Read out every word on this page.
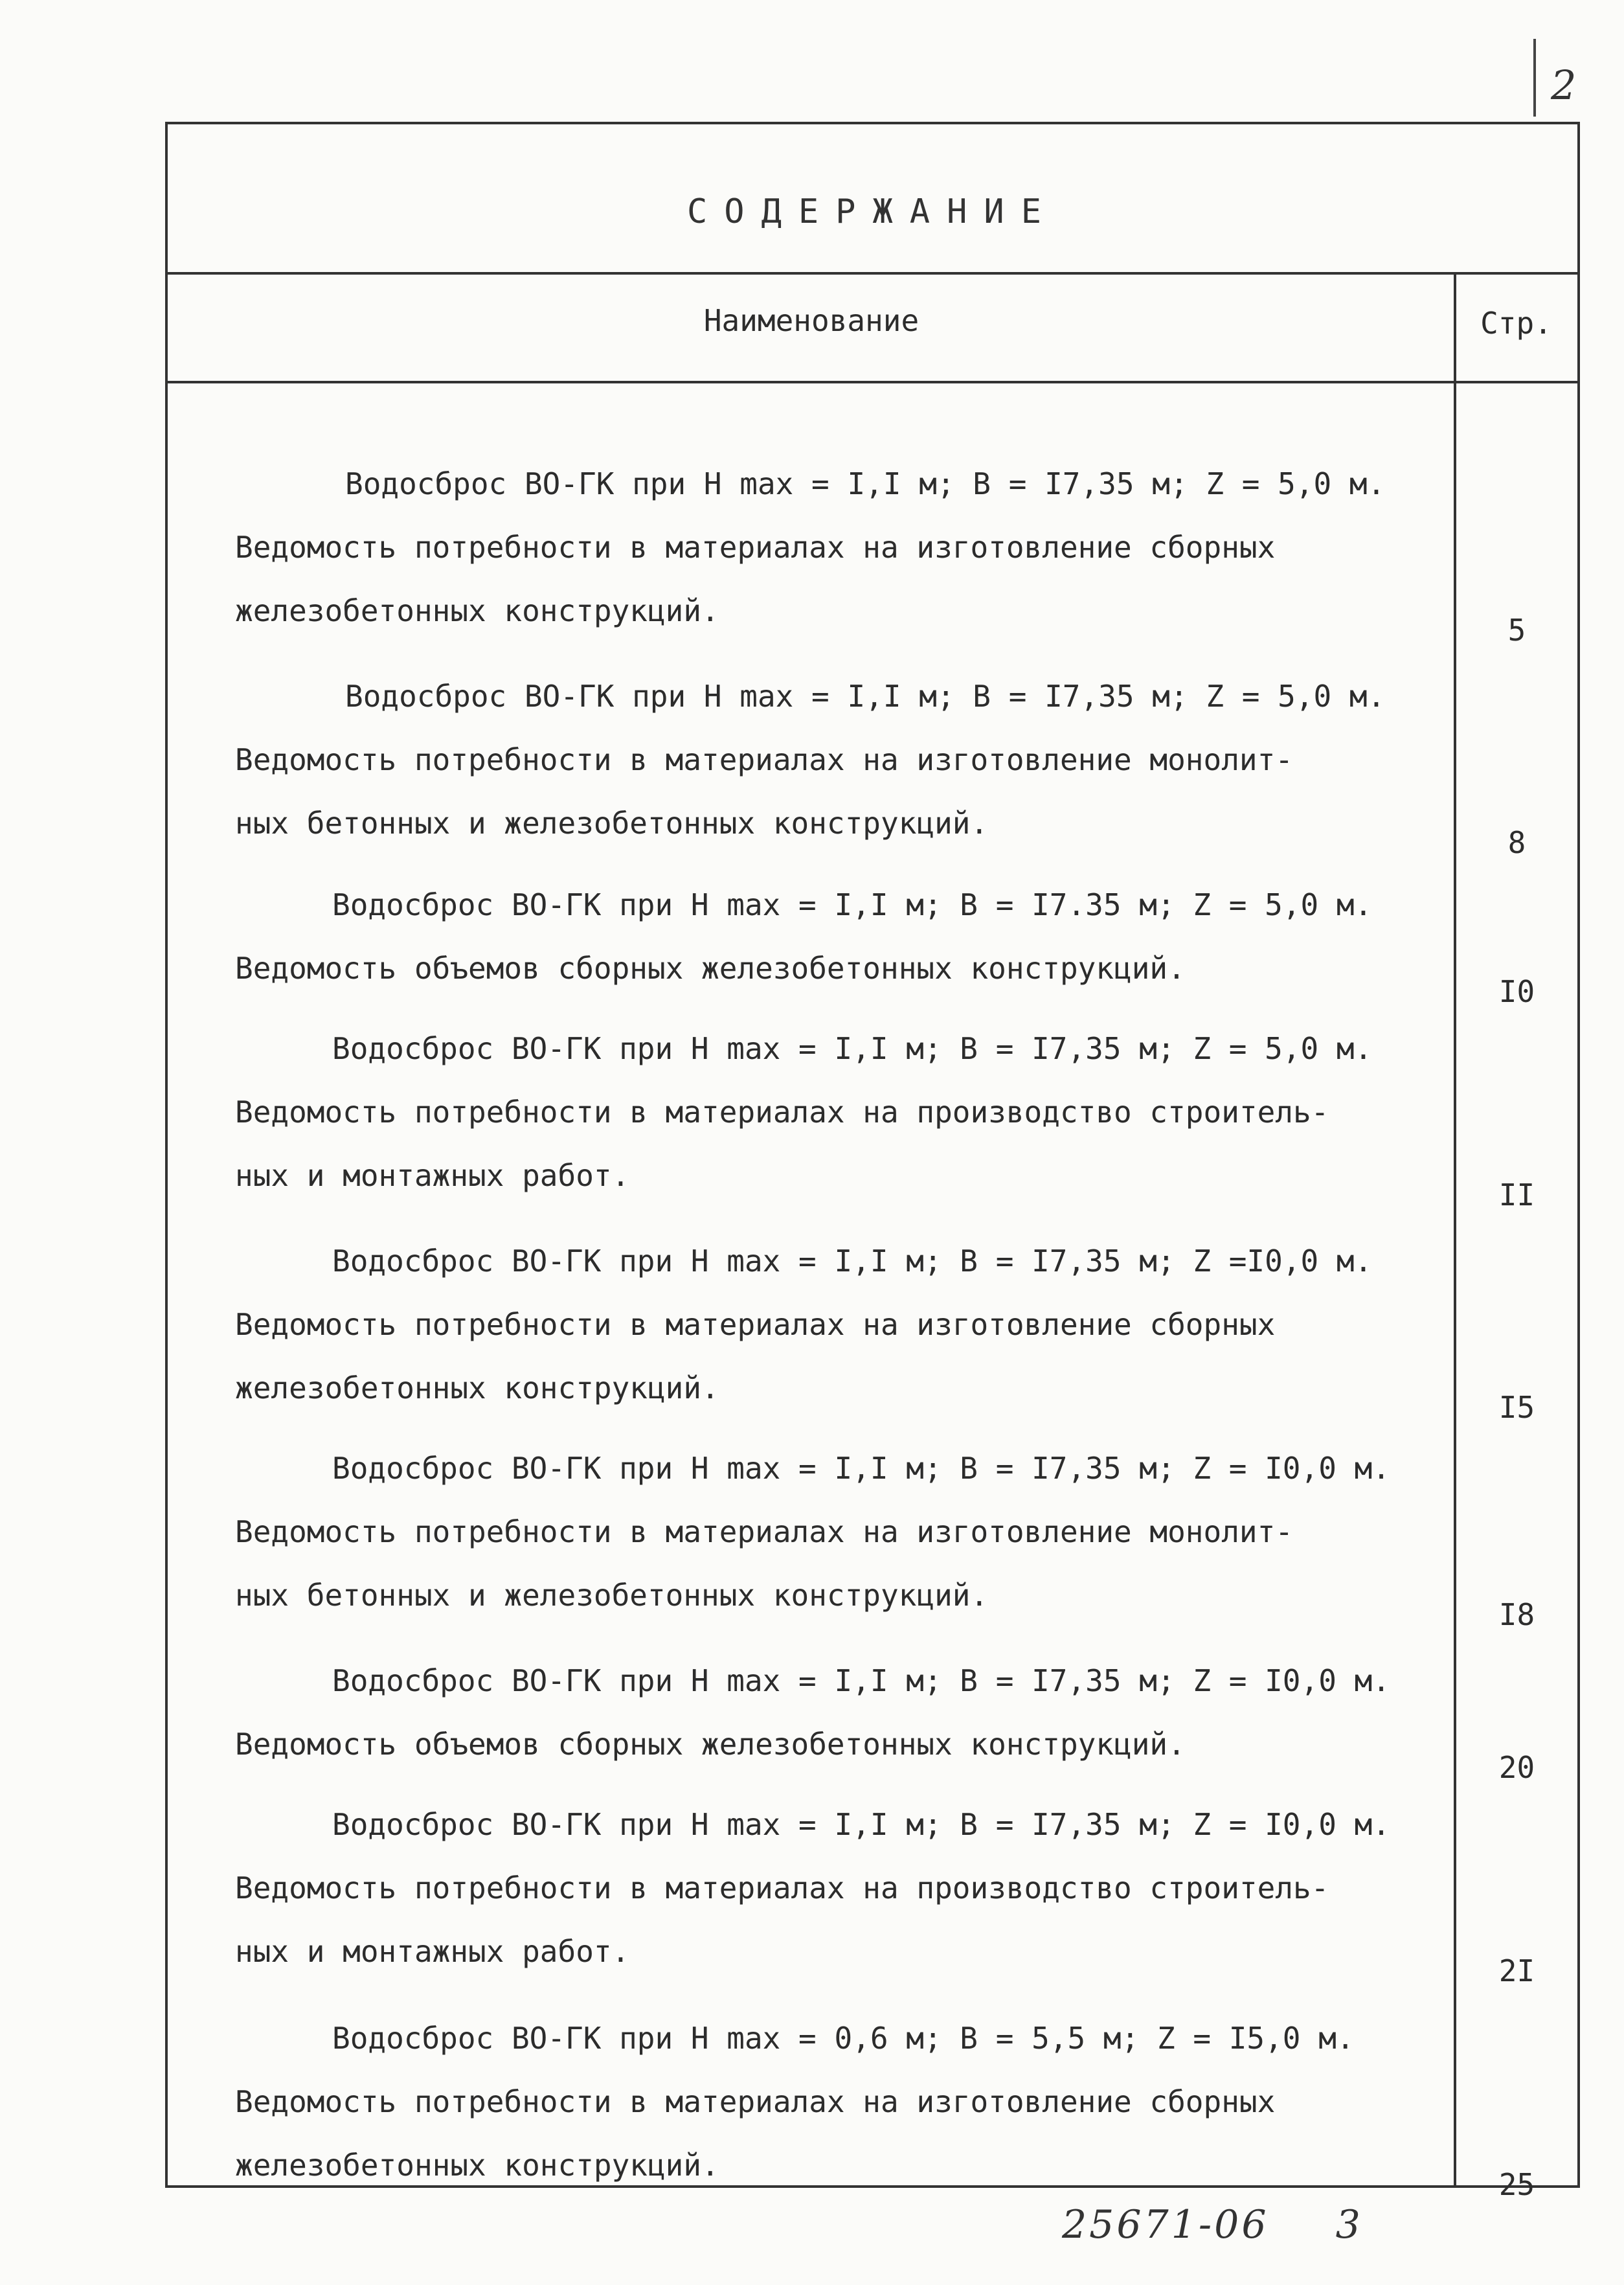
2
СОДЕРЖАНИЕ
Наименование	Стр.
Водосброс ВО-ГК при H max = I,I м; B = I7,35 м; Z = 5,0 м.
Ведомость потребности в материалах на изготовление сборных
железобетонных конструкций.
5
Водосброс ВО-ГК при H max = I,I м; B = I7,35 м; Z = 5,0 м.
Ведомость потребности в материалах на изготовление монолит-
ных бетонных и железобетонных конструкций.
8
Водосброс ВО-ГК при H max = I,I м; B = I7.35 м; Z = 5,0 м.
Ведомость объемов сборных железобетонных конструкций.
I0
Водосброс ВО-ГК при H max = I,I м; B = I7,35 м; Z = 5,0 м.
Ведомость потребности в материалах на производство строитель-
ных и монтажных работ.
II
Водосброс ВО-ГК при H max = I,I м; B = I7,35 м; Z =I0,0 м.
Ведомость потребности в материалах на изготовление сборных
железобетонных конструкций.
I5
Водосброс ВО-ГК при H max = I,I м; B = I7,35 м; Z = I0,0 м.
Ведомость потребности в материалах на изготовление монолит-
ных бетонных и железобетонных конструкций.
I8
Водосброс ВО-ГК при H max = I,I м; B = I7,35 м; Z = I0,0 м.
Ведомость объемов сборных железобетонных конструкций.
20
Водосброс ВО-ГК при H max = I,I м; B = I7,35 м; Z = I0,0 м.
Ведомость потребности в материалах на производство строитель-
ных и монтажных работ.
2I
Водосброс ВО-ГК при H max = 0,6 м; B = 5,5 м; Z = I5,0 м.
Ведомость потребности в материалах на изготовление сборных
железобетонных конструкций.
25
25671-06 3
